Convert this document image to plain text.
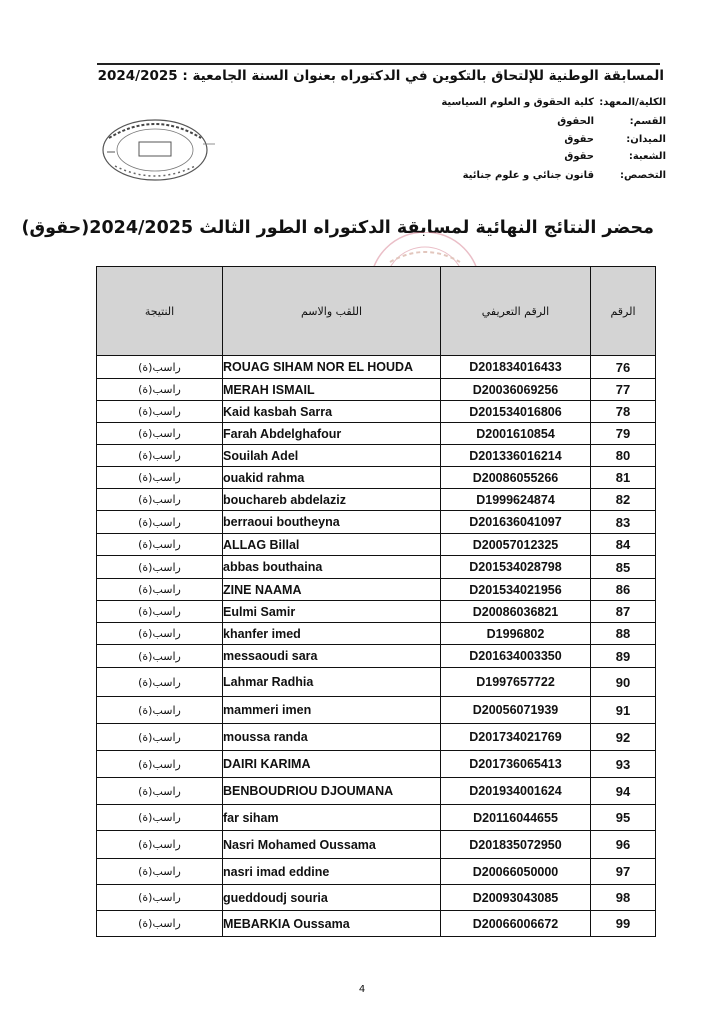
المسابقة الوطنية للإلتحاق بالتكوين في الدكتوراه بعنوان السنة الجامعية : 2024/2025
الكلية/المعهد:كلية الحقوق و العلوم السياسية
القسم:الحقوق
الميدان:حقوق
الشعبة:حقوق
التخصص:قانون جنائي و علوم جنائية
محضر النتائج النهائية لمسابقة الدكتوراه الطور الثالث 2024/2025(حقوق)
النتيجة	اللقب والاسم	الرقم التعريفي	الرقم
راسب(ة)	ROUAG SIHAM NOR EL HOUDA	D201834016433	76
راسب(ة)	MERAH ISMAIL	D20036069256	77
راسب(ة)	Kaid kasbah Sarra	D201534016806	78
راسب(ة)	Farah Abdelghafour	D2001610854	79
راسب(ة)	Souilah Adel	D201336016214	80
راسب(ة)	ouakid rahma	D20086055266	81
راسب(ة)	bouchareb abdelaziz	D1999624874	82
راسب(ة)	berraoui boutheyna	D201636041097	83
راسب(ة)	ALLAG Billal	D20057012325	84
راسب(ة)	abbas bouthaina	D201534028798	85
راسب(ة)	ZINE NAAMA	D201534021956	86
راسب(ة)	Eulmi Samir	D20086036821	87
راسب(ة)	khanfer imed	D1996802	88
راسب(ة)	messaoudi sara	D201634003350	89
راسب(ة)	Lahmar Radhia	D1997657722	90
راسب(ة)	mammeri imen	D20056071939	91
راسب(ة)	moussa randa	D201734021769	92
راسب(ة)	DAIRI KARIMA	D201736065413	93
راسب(ة)	BENBOUDRIOU DJOUMANA	D201934001624	94
راسب(ة)	far siham	D20116044655	95
راسب(ة)	Nasri Mohamed Oussama	D201835072950	96
راسب(ة)	nasri imad eddine	D20066050000	97
راسب(ة)	gueddoudj souria	D20093043085	98
راسب(ة)	MEBARKIA Oussama	D20066006672	99
4
